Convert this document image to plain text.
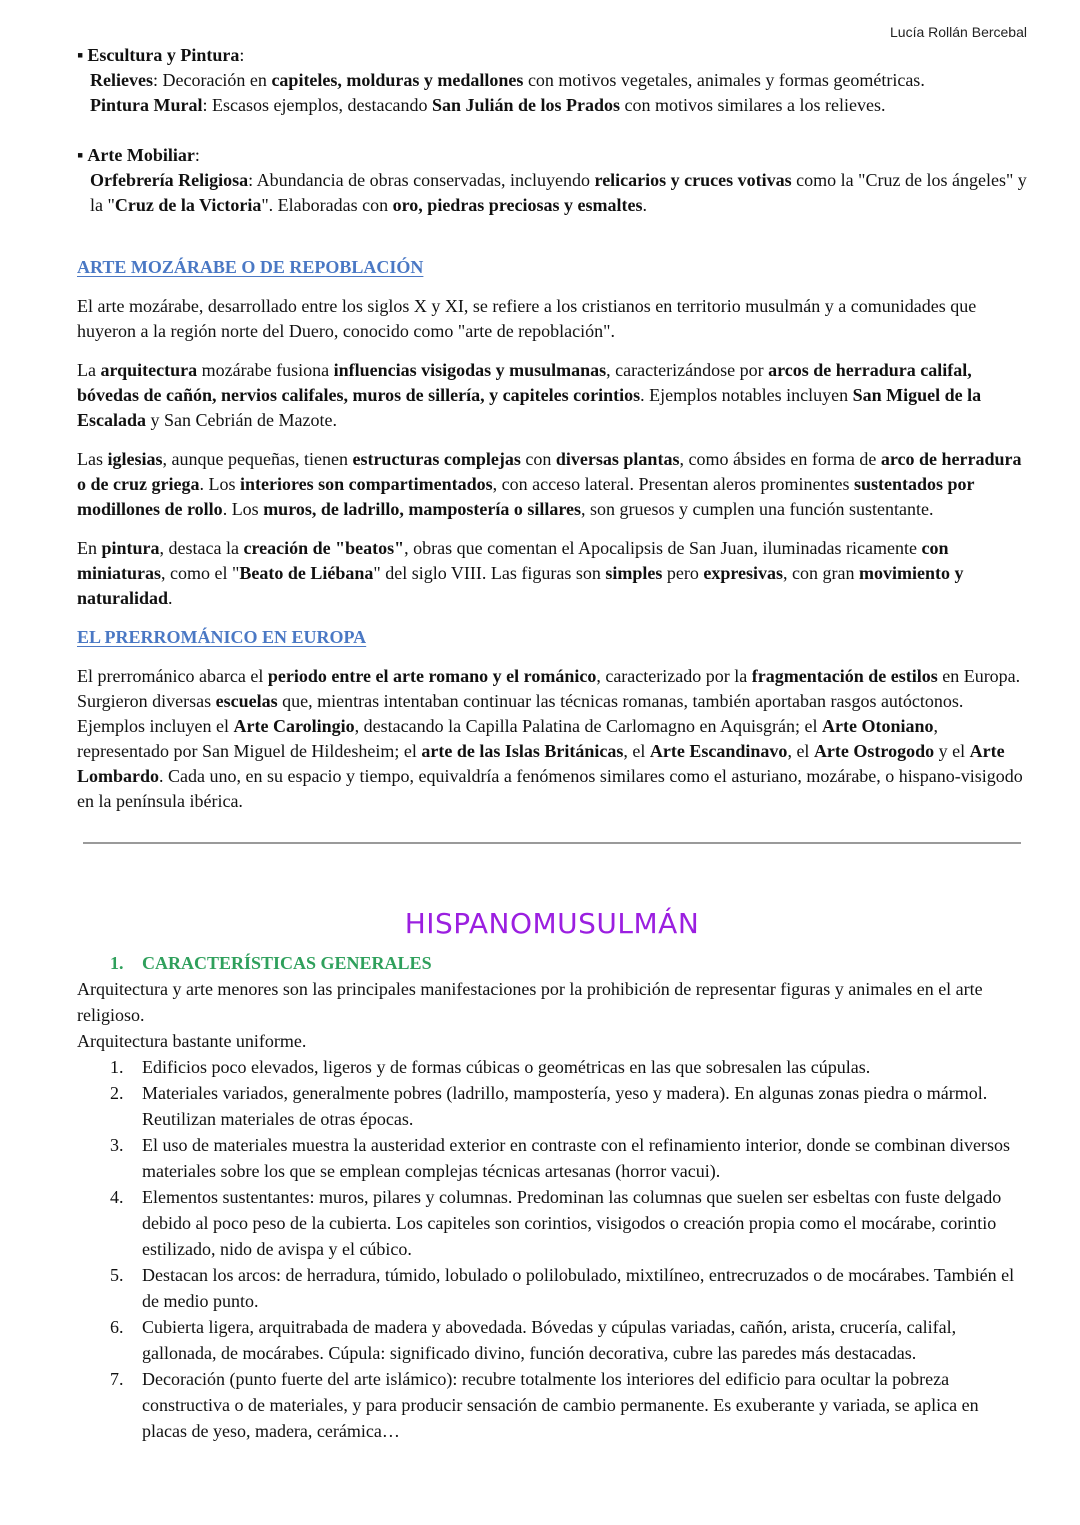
Lucía Rollán Bercebal
▪ Escultura y Pintura:
Relieves: Decoración en capiteles, molduras y medallones con motivos vegetales, animales y formas geométricas.
Pintura Mural: Escasos ejemplos, destacando San Julián de los Prados con motivos similares a los relieves.
▪ Arte Mobiliar:
Orfebrería Religiosa: Abundancia de obras conservadas, incluyendo relicarios y cruces votivas como la "Cruz de los ángeles" y la "Cruz de la Victoria". Elaboradas con oro, piedras preciosas y esmaltes.
ARTE MOZÁRABE O DE REPOBLACIÓN

El arte mozárabe, desarrollado entre los siglos X y XI, se refiere a los cristianos en territorio musulmán y a comunidades que huyeron a la región norte del Duero, conocido como "arte de repoblación".

La arquitectura mozárabe fusiona influencias visigodas y musulmanas, caracterizándose por arcos de herradura califal, bóvedas de cañón, nervios califales, muros de sillería, y capiteles corintios. Ejemplos notables incluyen San Miguel de la Escalada y San Cebrián de Mazote.

Las iglesias, aunque pequeñas, tienen estructuras complejas con diversas plantas, como ábsides en forma de arco de herradura o de cruz griega. Los interiores son compartimentados, con acceso lateral. Presentan aleros prominentes sustentados por modillones de rollo. Los muros, de ladrillo, mampostería o sillares, son gruesos y cumplen una función sustentante.

En pintura, destaca la creación de "beatos", obras que comentan el Apocalipsis de San Juan, iluminadas ricamente con miniaturas, como el "Beato de Liébana" del siglo VIII. Las figuras son simples pero expresivas, con gran movimiento y naturalidad.

EL PRERROMÁNICO EN EUROPA

El prerrománico abarca el periodo entre el arte romano y el románico, caracterizado por la fragmentación de estilos en Europa. Surgieron diversas escuelas que, mientras intentaban continuar las técnicas romanas, también aportaban rasgos autóctonos. Ejemplos incluyen el Arte Carolingio, destacando la Capilla Palatina de Carlomagno en Aquisgrán; el Arte Otoniano, representado por San Miguel de Hildesheim; el arte de las Islas Británicas, el Arte Escandinavo, el Arte Ostrogodo y el Arte Lombardo. Cada uno, en su espacio y tiempo, equivaldría a fenómenos similares como el asturiano, mozárabe, o hispano-visigodo en la península ibérica.

HISPANOMUSULMÁN
1. CARACTERÍSTICAS GENERALES

Arquitectura y arte menores son las principales manifestaciones por la prohibición de representar figuras y animales en el arte religioso.

Arquitectura bastante uniforme.

1. Edificios poco elevados, ligeros y de formas cúbicas o geométricas en las que sobresalen las cúpulas.
2. Materiales variados, generalmente pobres (ladrillo, mampostería, yeso y madera). En algunas zonas piedra o mármol. Reutilizan materiales de otras épocas.
3. El uso de materiales muestra la austeridad exterior en contraste con el refinamiento interior, donde se combinan diversos materiales sobre los que se emplean complejas técnicas artesanas (horror vacui).
4. Elementos sustentantes: muros, pilares y columnas. Predominan las columnas que suelen ser esbeltas con fuste delgado debido al poco peso de la cubierta. Los capiteles son corintios, visigodos o creación propia como el mocárabe, corintio estilizado, nido de avispa y el cúbico.
5. Destacan los arcos: de herradura, túmido, lobulado o polilobulado, mixtilíneo, entrecruzados o de mocárabes. También el de medio punto.
6. Cubierta ligera, arquitrabada de madera y abovedada. Bóvedas y cúpulas variadas, cañón, arista, crucería, califal, gallonada, de mocárabes. Cúpula: significado divino, función decorativa, cubre las paredes más destacadas.
7. Decoración (punto fuerte del arte islámico): recubre totalmente los interiores del edificio para ocultar la pobreza constructiva o de materiales, y para producir sensación de cambio permanente. Es exuberante y variada, se aplica en placas de yeso, madera, cerámica…
